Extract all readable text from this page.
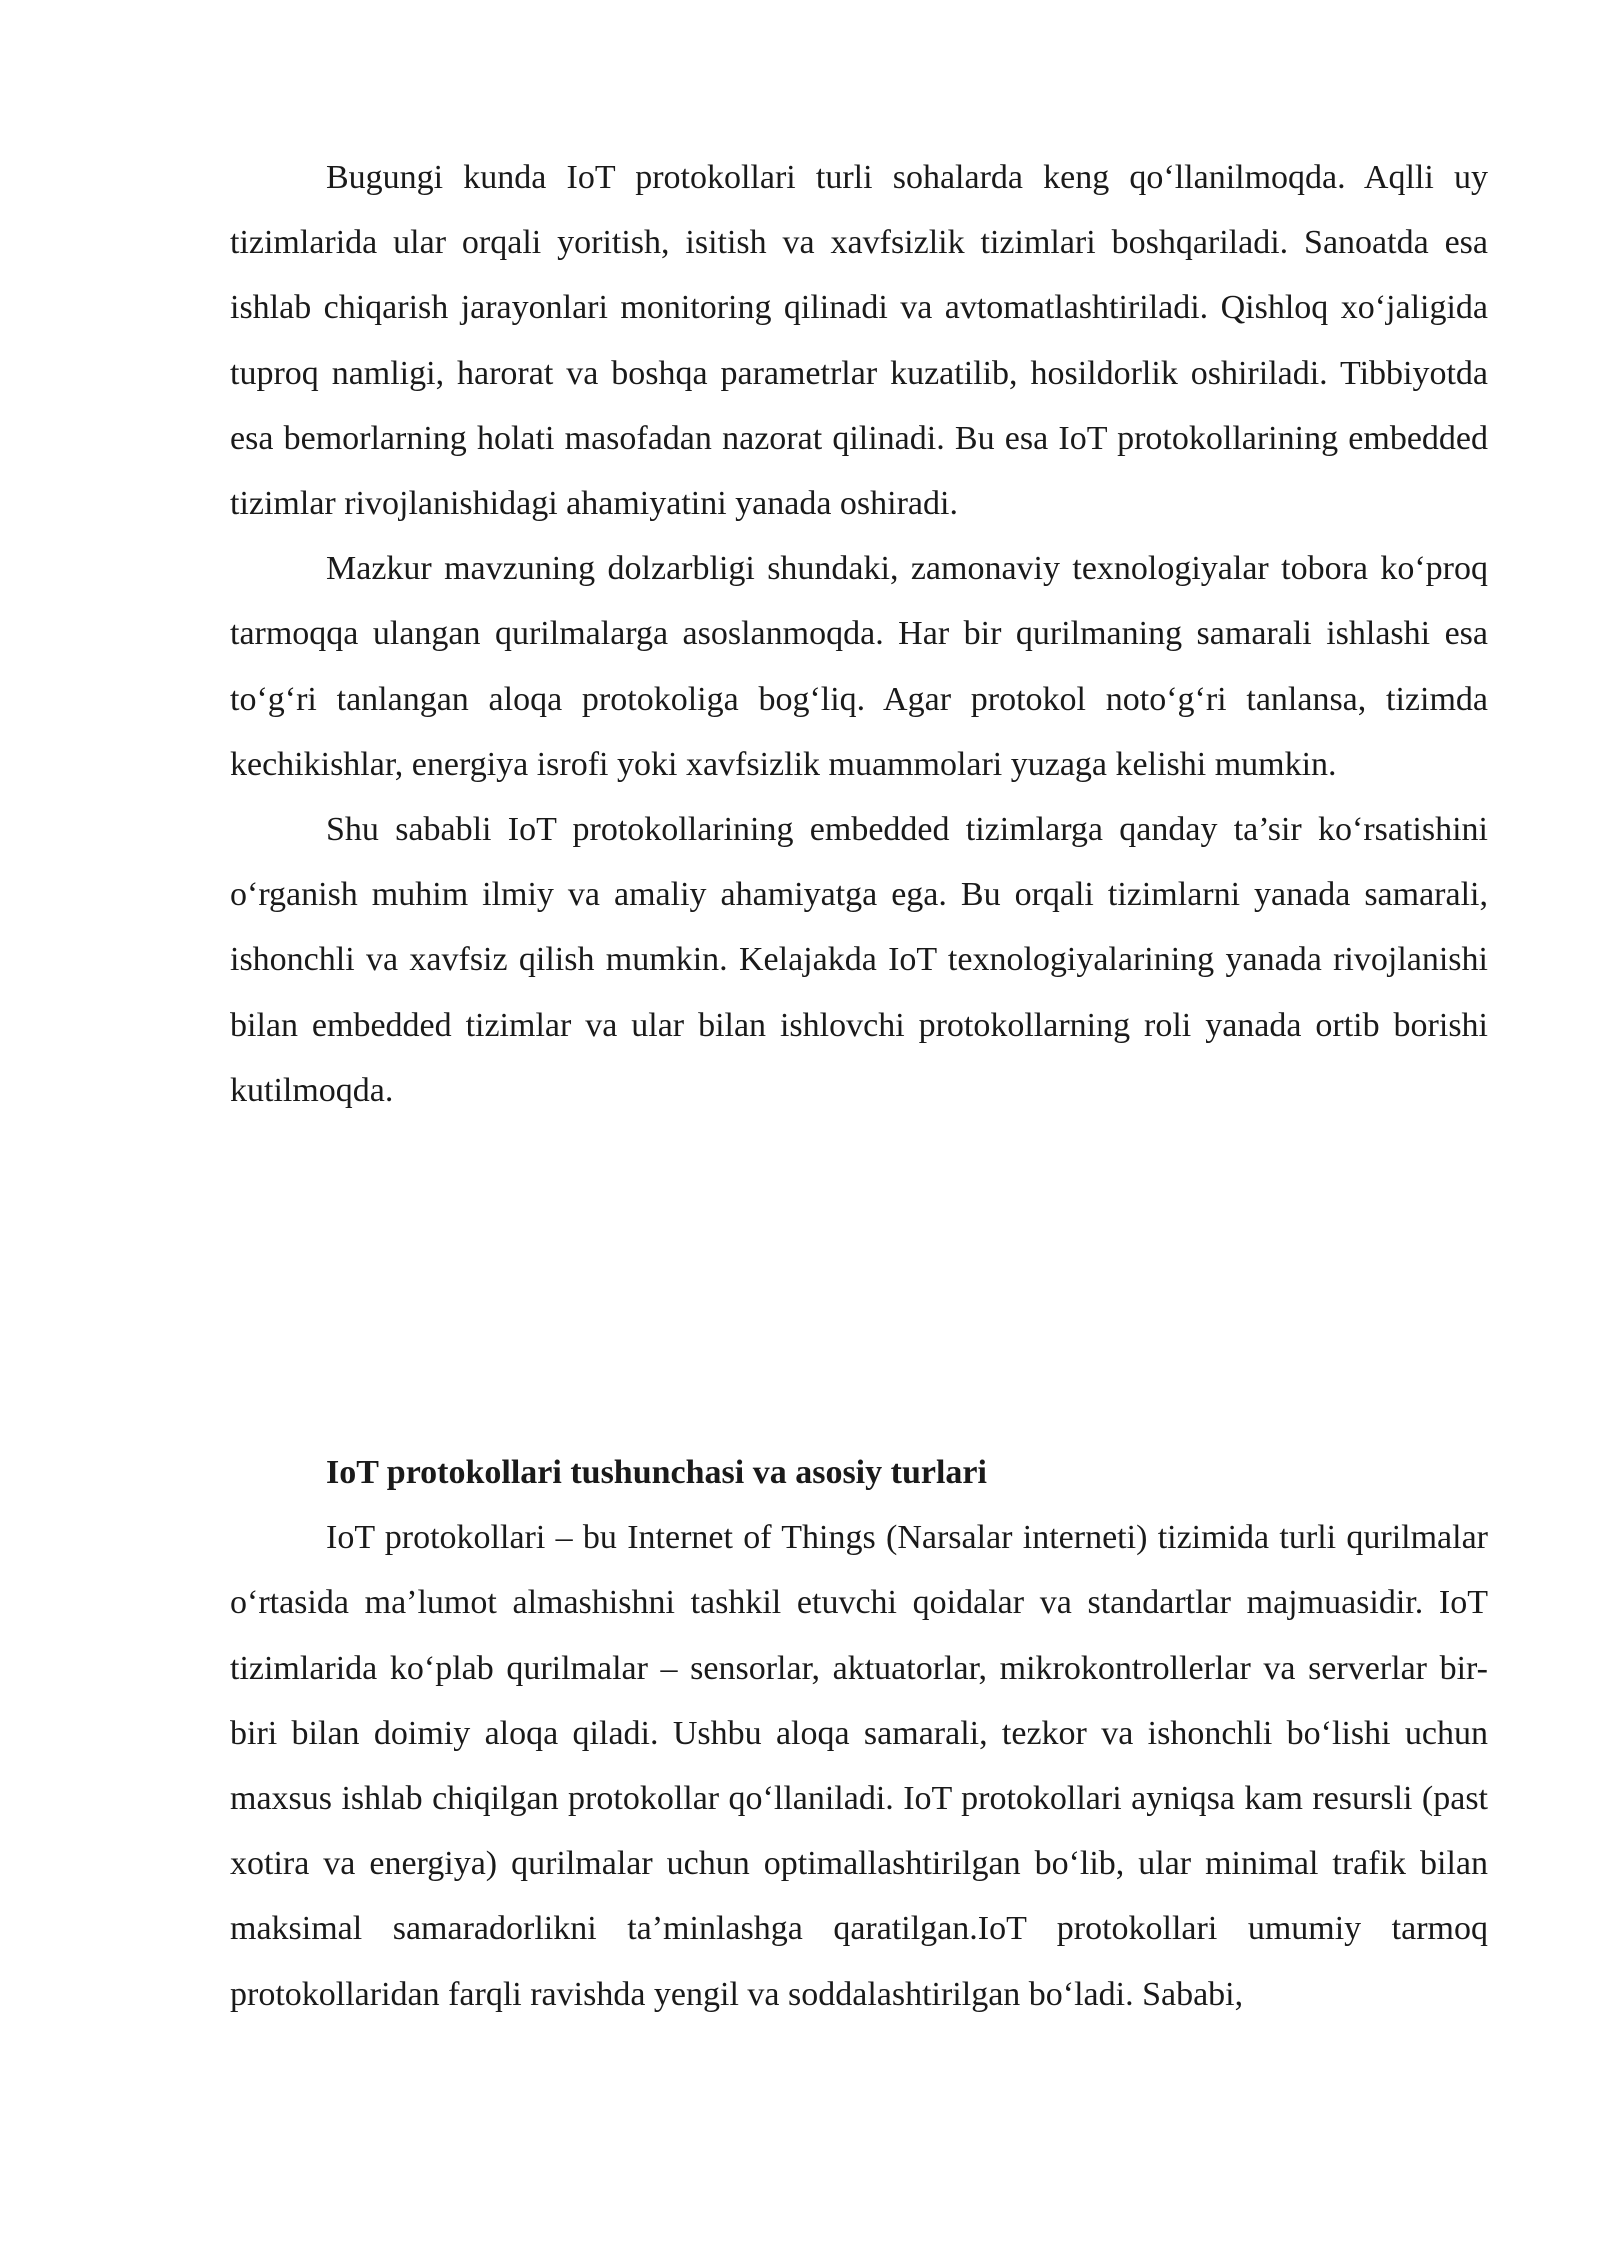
Bugungi kunda IoT protokollari turli sohalarda keng qo‘llanilmoqda. Aqlli uy tizimlarida ular orqali yoritish, isitish va xavfsizlik tizimlari boshqariladi. Sanoatda esa ishlab chiqarish jarayonlari monitoring qilinadi va avtomatlashtiriladi. Qishloq xo‘jaligida tuproq namligi, harorat va boshqa parametrlar kuzatilib, hosildorlik oshiriladi. Tibbiyotda esa bemorlarning holati masofadan nazorat qilinadi. Bu esa IoT protokollarining embedded tizimlar rivojlanishidagi ahamiyatini yanada oshiradi.

Mazkur mavzuning dolzarbligi shundaki, zamonaviy texnologiyalar tobora ko‘proq tarmoqqa ulangan qurilmalarga asoslanmoqda. Har bir qurilmaning samarali ishlashi esa to‘g‘ri tanlangan aloqa protokoliga bog‘liq. Agar protokol noto‘g‘ri tanlansa, tizimda kechikishlar, energiya isrofi yoki xavfsizlik muammolari yuzaga kelishi mumkin.

Shu sababli IoT protokollarining embedded tizimlarga qanday ta’sir ko‘rsatishini o‘rganish muhim ilmiy va amaliy ahamiyatga ega. Bu orqali tizimlarni yanada samarali, ishonchli va xavfsiz qilish mumkin. Kelajakda IoT texnologiyalarining yanada rivojlanishi bilan embedded tizimlar va ular bilan ishlovchi protokollarning roli yanada ortib borishi kutilmoqda.

IoT protokollari tushunchasi va asosiy turlari

IoT protokollari – bu Internet of Things (Narsalar interneti) tizimida turli qurilmalar o‘rtasida ma’lumot almashishni tashkil etuvchi qoidalar va standartlar majmuasidir. IoT tizimlarida ko‘plab qurilmalar – sensorlar, aktuatorlar, mikrokontrollerlar va serverlar bir-biri bilan doimiy aloqa qiladi. Ushbu aloqa samarali, tezkor va ishonchli bo‘lishi uchun maxsus ishlab chiqilgan protokollar qo‘llaniladi. IoT protokollari ayniqsa kam resursli (past xotira va energiya) qurilmalar uchun optimallashtirilgan bo‘lib, ular minimal trafik bilan maksimal samaradorlikni ta’minlashga qaratilgan.IoT protokollari umumiy tarmoq protokollaridan farqli ravishda yengil va soddalashtirilgan bo‘ladi. Sababi,
